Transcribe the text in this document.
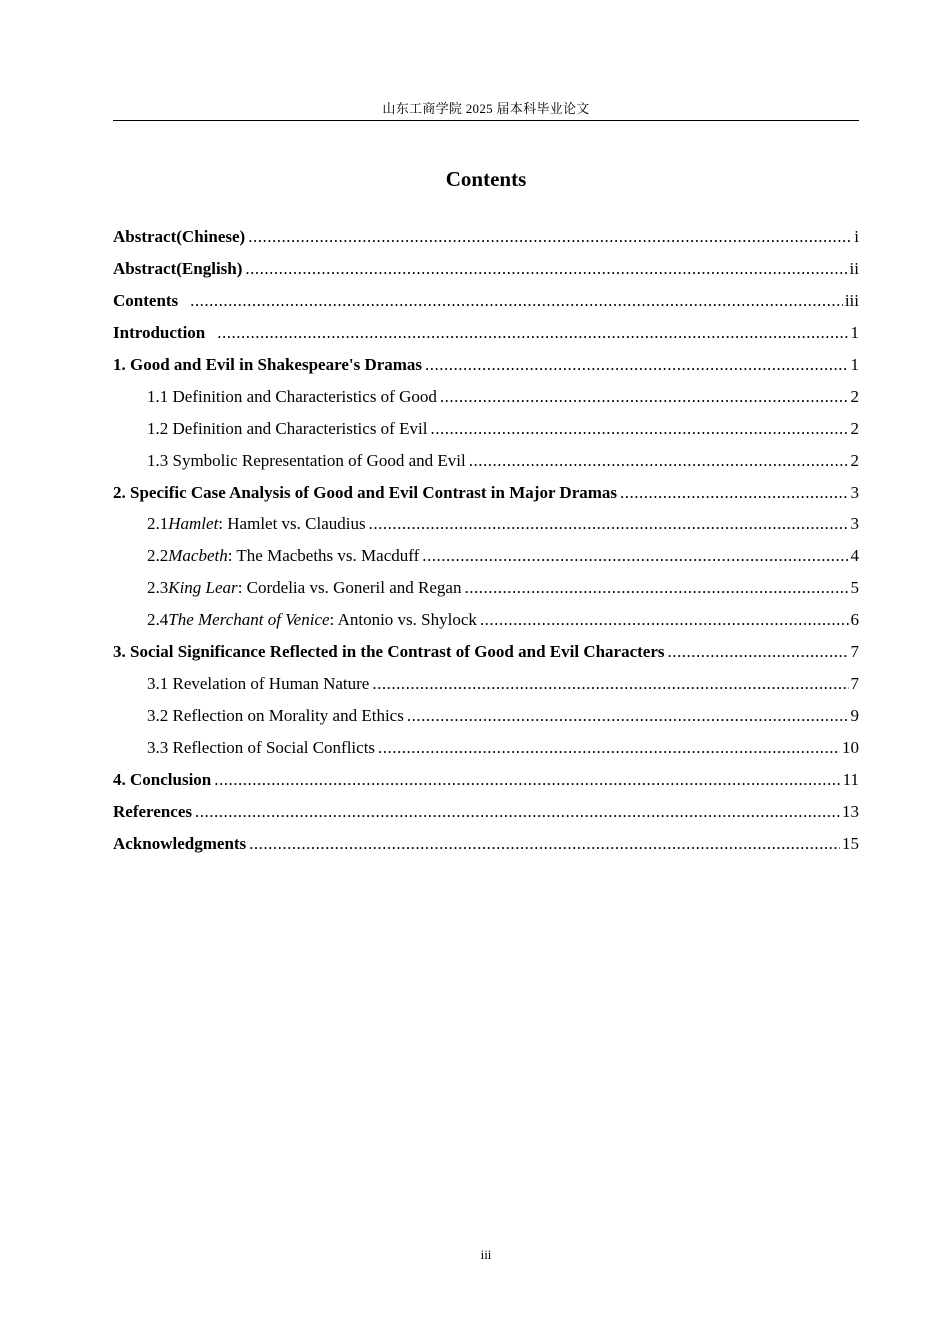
山东工商学院 2025 届本科毕业论文
Contents
Abstract(Chinese) .....	i
Abstract(English) .....	ii
Contents .....	iii
Introduction .....	1
1. Good and Evil in Shakespeare's Dramas .....	1
1.1 Definition and Characteristics of Good .....	2
1.2 Definition and Characteristics of Evil .....	2
1.3 Symbolic Representation of Good and Evil .....	2
2. Specific Case Analysis of Good and Evil Contrast in Major Dramas .....	3
2.1 Hamlet : Hamlet vs. Claudius .....	3
2.2 Macbeth : The Macbeths vs. Macduff .....	4
2.3 King Lear : Cordelia vs. Goneril and Regan .....	5
2.4 The Merchant of Venice : Antonio vs. Shylock .....	6
3. Social Significance Reflected in the Contrast of Good and Evil Characters .....	7
3.1 Revelation of Human Nature .....	7
3.2 Reflection on Morality and Ethics .....	9
3.3 Reflection of Social Conflicts .....	10
4. Conclusion .....	11
References .....	13
Acknowledgments .....	15
iii
